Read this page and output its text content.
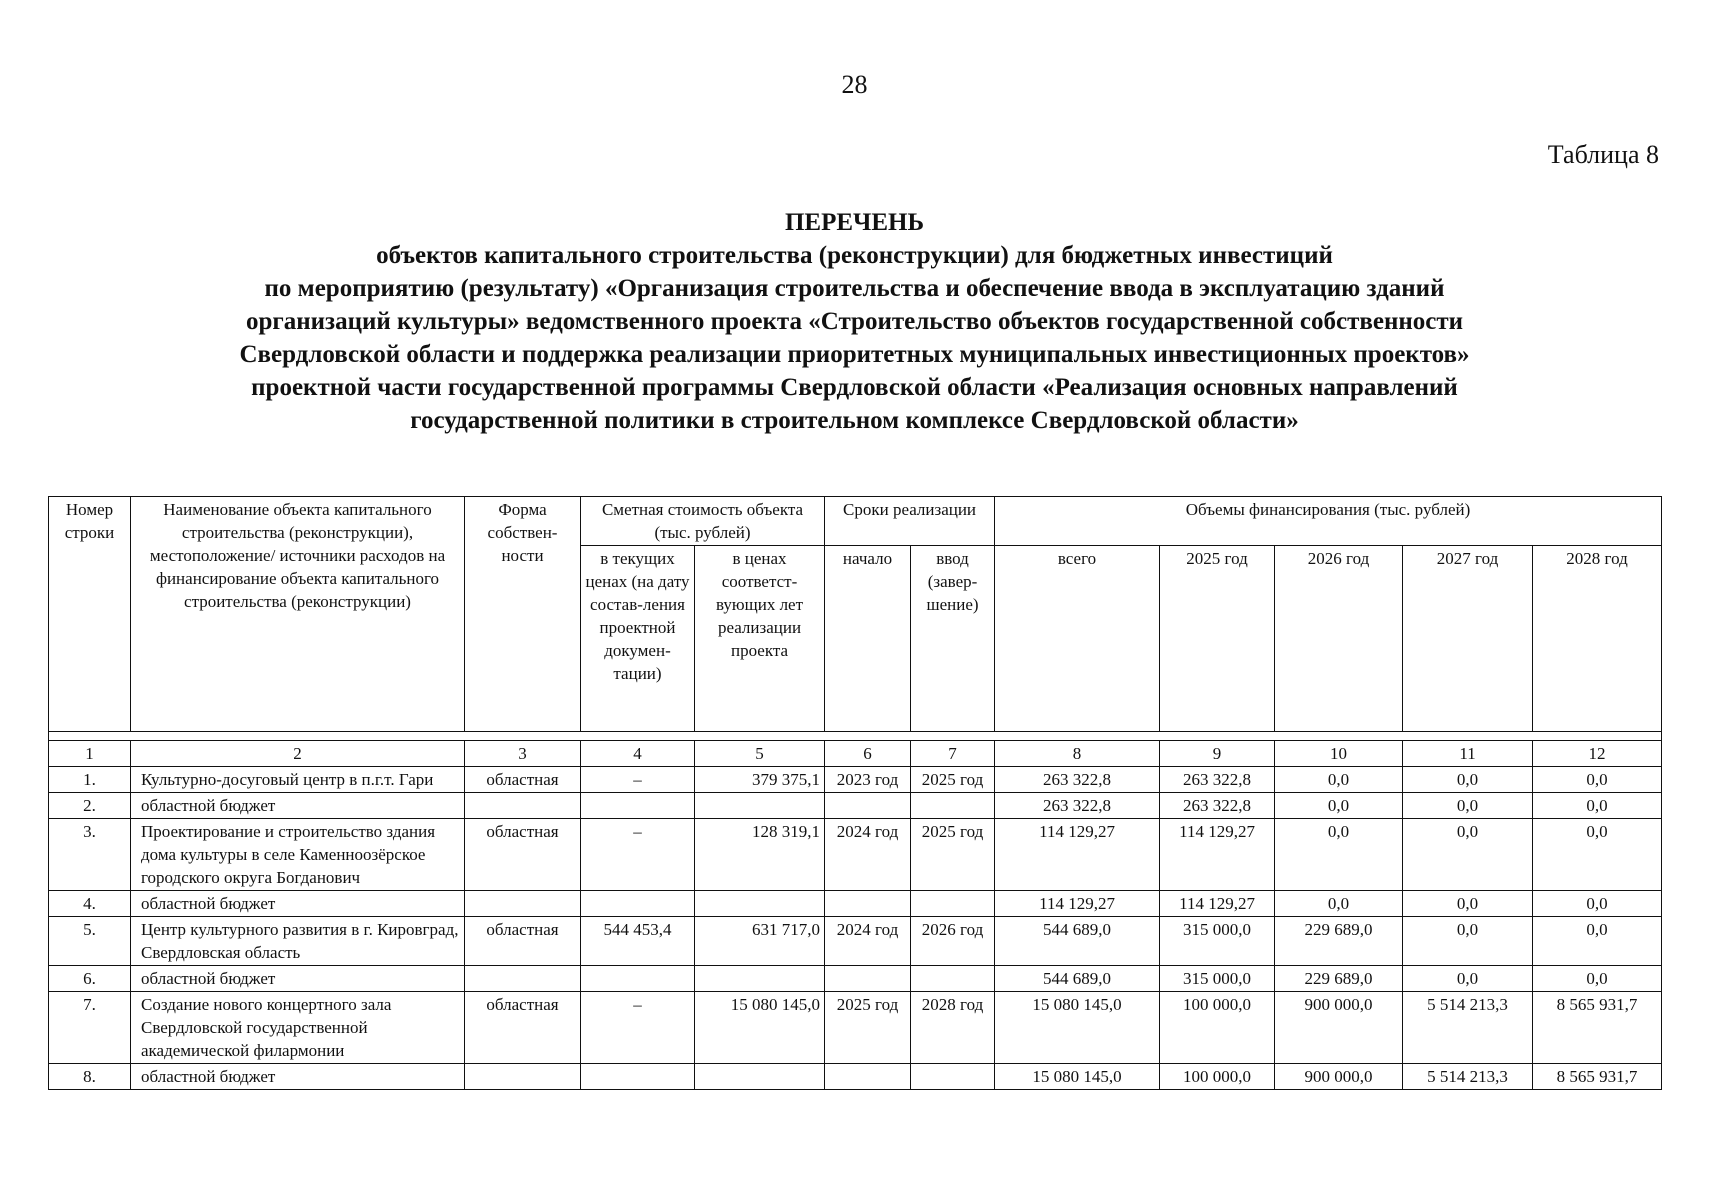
28
Таблица 8
ПЕРЕЧЕНЬ
объектов капитального строительства (реконструкции) для бюджетных инвестиций
по мероприятию (результату) «Организация строительства и обеспечение ввода в эксплуатацию зданий
организаций культуры» ведомственного проекта «Строительство объектов государственной собственности
Свердловской области и поддержка реализации приоритетных муниципальных инвестиционных проектов»
проектной части государственной программы Свердловской области «Реализация основных направлений
государственной политики в строительном комплексе Свердловской области»
Номер строки	Наименование объекта капитального строительства (реконструкции), местоположение/ источники расходов на финансирование объекта капитального строительства (реконструкции)	Форма собствен-ности	Сметная стоимость объекта (тыс. рублей)		Сроки реализации		Объемы финансирования (тыс. рублей)				
			в текущих ценах (на дату состав-ления проектной докумен-тации)	в ценах соответст-вующих лет реализации проекта	начало	ввод (завер-шение)	всего	2025 год	2026 год	2027 год	2028 год

1	2	3	4	5	6	7	8	9	10	11	12
1.	Культурно-досуговый центр в п.г.т. Гари	областная	–	379 375,1	2023 год	2025 год	263 322,8	263 322,8	0,0	0,0	0,0
2.	областной бюджет						263 322,8	263 322,8	0,0	0,0	0,0
3.	Проектирование и строительство здания дома культуры в селе Каменноозёрское городского округа Богданович	областная	–	128 319,1	2024 год	2025 год	114 129,27	114 129,27	0,0	0,0	0,0
4.	областной бюджет						114 129,27	114 129,27	0,0	0,0	0,0
5.	Центр культурного развития в г. Кировград, Свердловская область	областная	544 453,4	631 717,0	2024 год	2026 год	544 689,0	315 000,0	229 689,0	0,0	0,0
6.	областной бюджет						544 689,0	315 000,0	229 689,0	0,0	0,0
7.	Создание нового концертного зала Свердловской государственной академической филармонии	областная	–	15 080 145,0	2025 год	2028 год	15 080 145,0	100 000,0	900 000,0	5 514 213,3	8 565 931,7
8.	областной бюджет						15 080 145,0	100 000,0	900 000,0	5 514 213,3	8 565 931,7
